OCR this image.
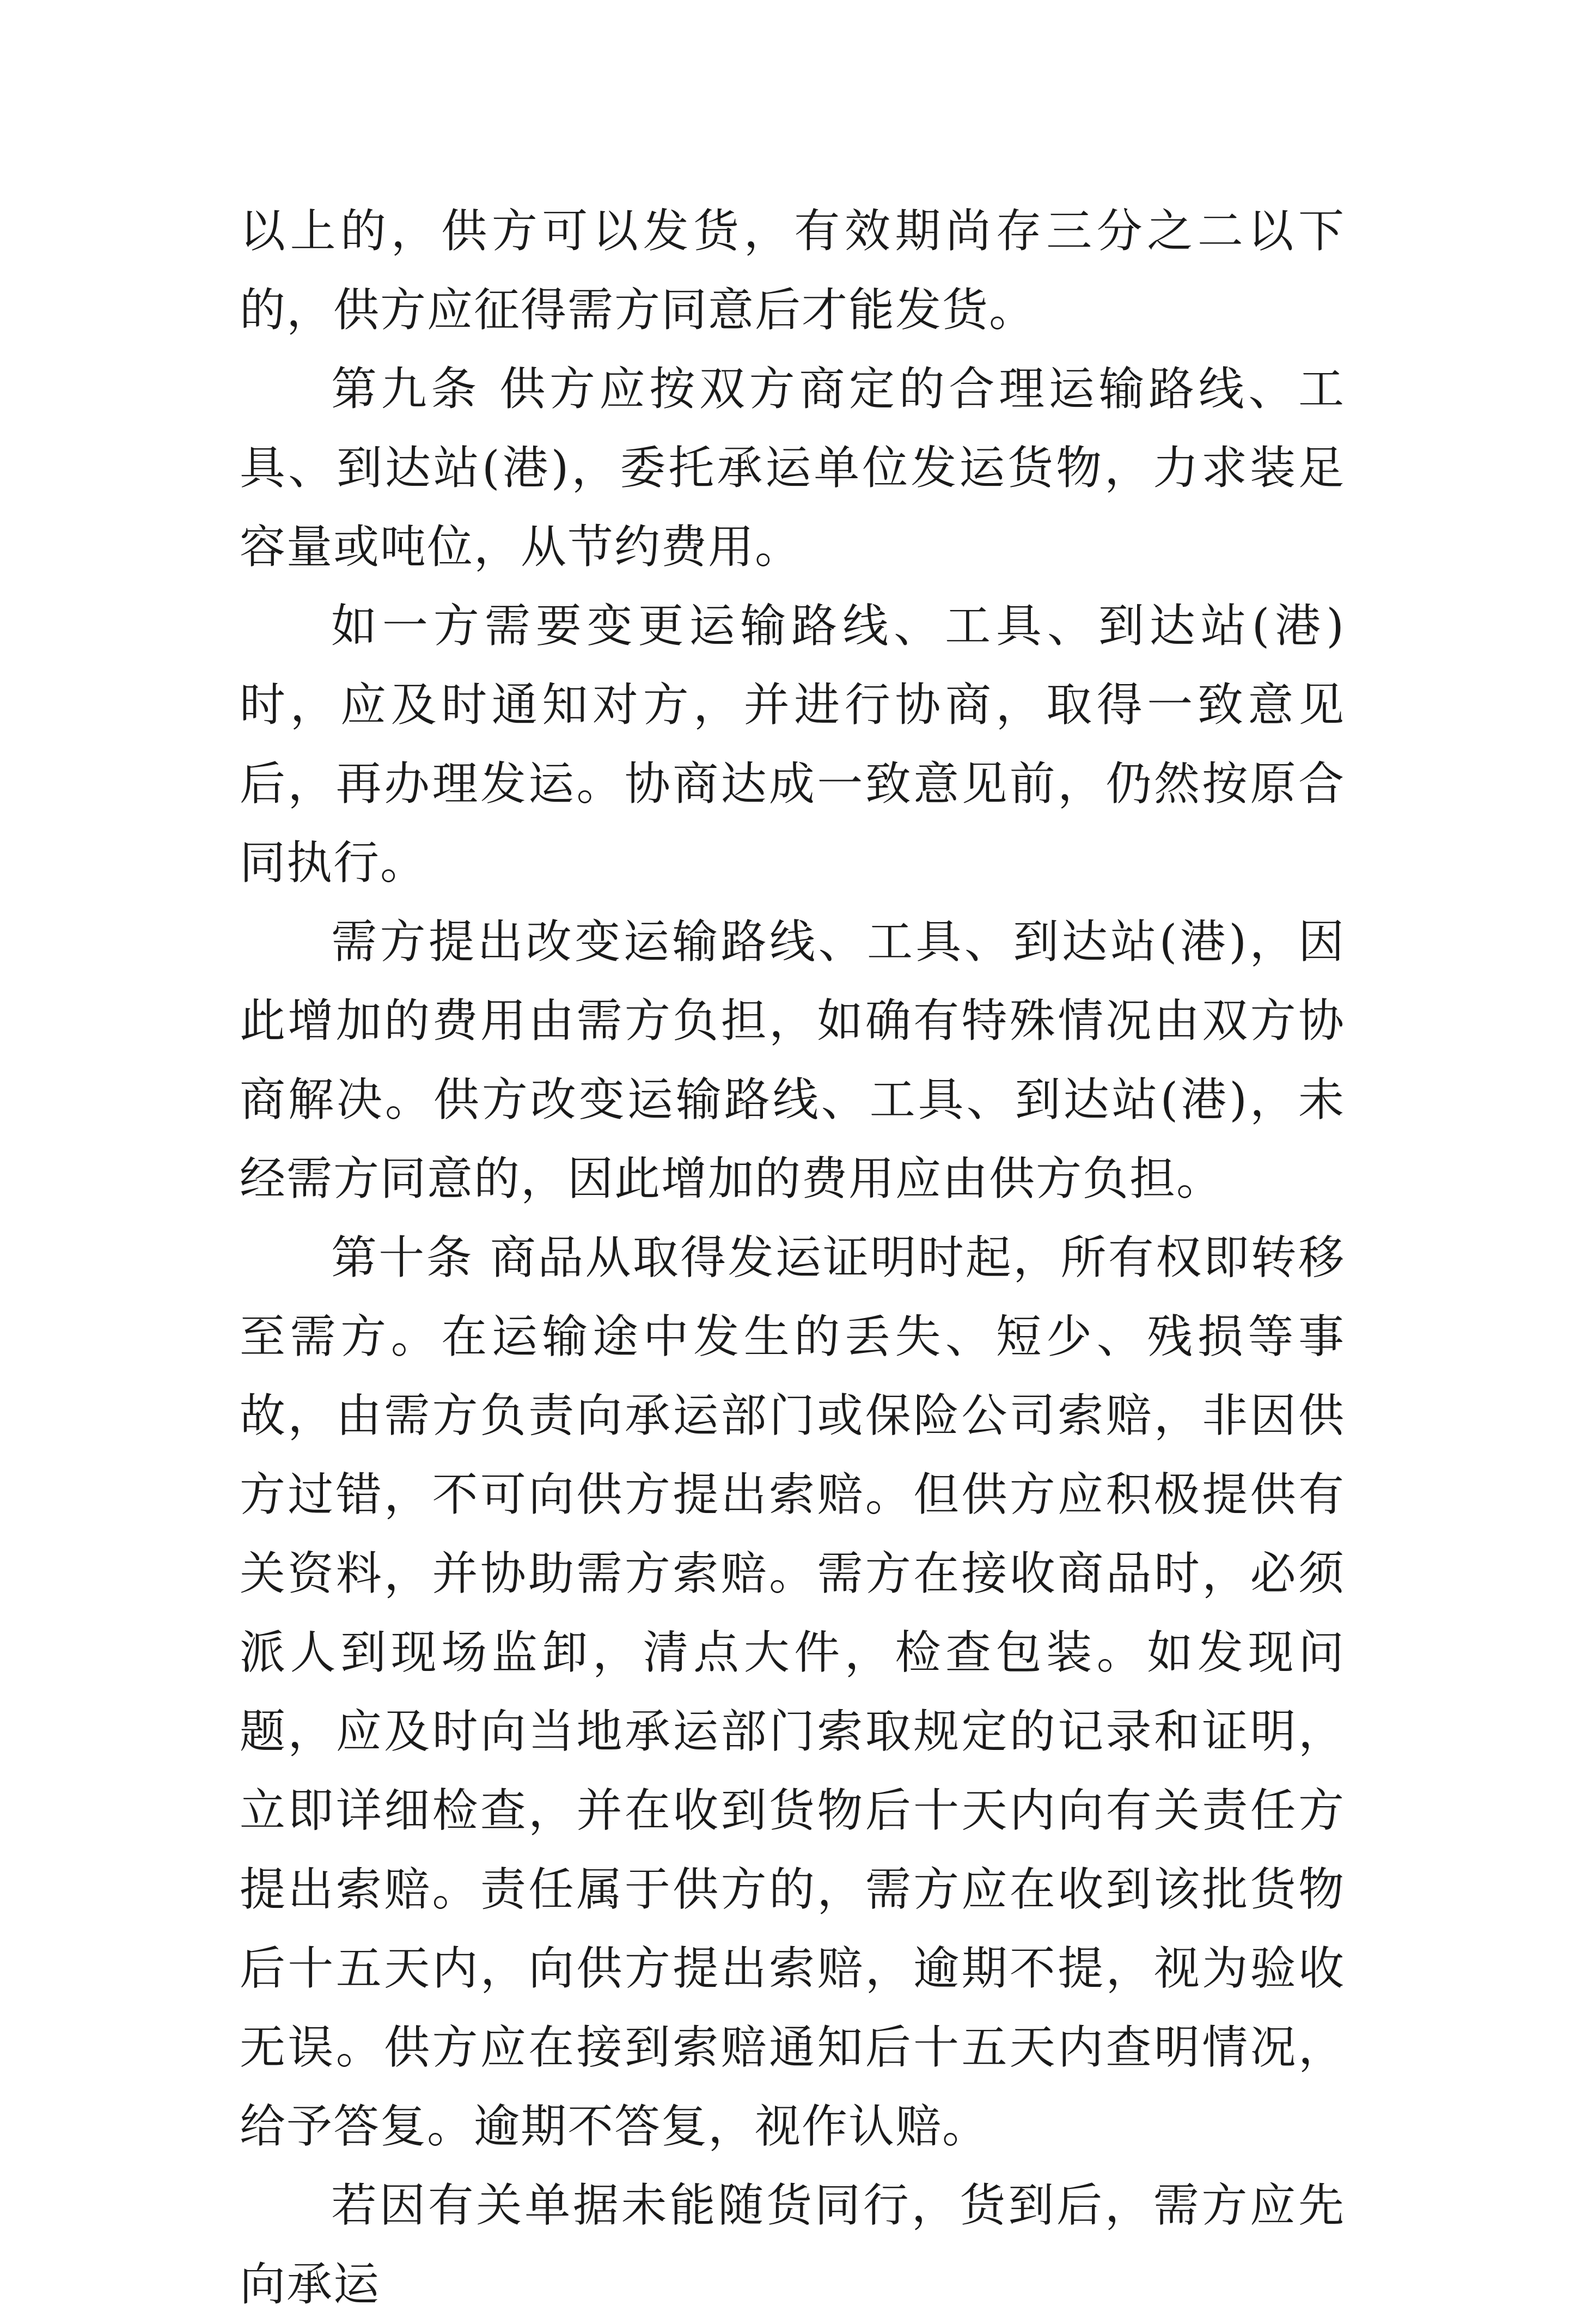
以上的，供方可以发货，有效期尚存三分之二以下的，供方应征得需方同意后才能发货。

第九条 供方应按双方商定的合理运输路线、工具、到达站(港)，委托承运单位发运货物，力求装足容量或吨位，从节约费用。

如一方需要变更运输路线、工具、到达站(港)时，应及时通知对方，并进行协商，取得一致意见后，再办理发运。协商达成一致意见前，仍然按原合同执行。

需方提出改变运输路线、工具、到达站(港)，因此增加的费用由需方负担，如确有特殊情况由双方协商解决。供方改变运输路线、工具、到达站(港)，未经需方同意的，因此增加的费用应由供方负担。

第十条 商品从取得发运证明时起，所有权即转移至需方。在运输途中发生的丢失、短少、残损等事故，由需方负责向承运部门或保险公司索赔，非因供方过错，不可向供方提出索赔。但供方应积极提供有关资料，并协助需方索赔。需方在接收商品时，必须派人到现场监卸，清点大件，检查包装。如发现问题，应及时向当地承运部门索取规定的记录和证明，立即详细检查，并在收到货物后十天内向有关责任方提出索赔。责任属于供方的，需方应在收到该批货物后十五天内，向供方提出索赔，逾期不提，视为验收无误。供方应在接到索赔通知后十五天内查明情况，给予答复。逾期不答复，视作认赔。

若因有关单据未能随货同行，货到后，需方应先向承运
